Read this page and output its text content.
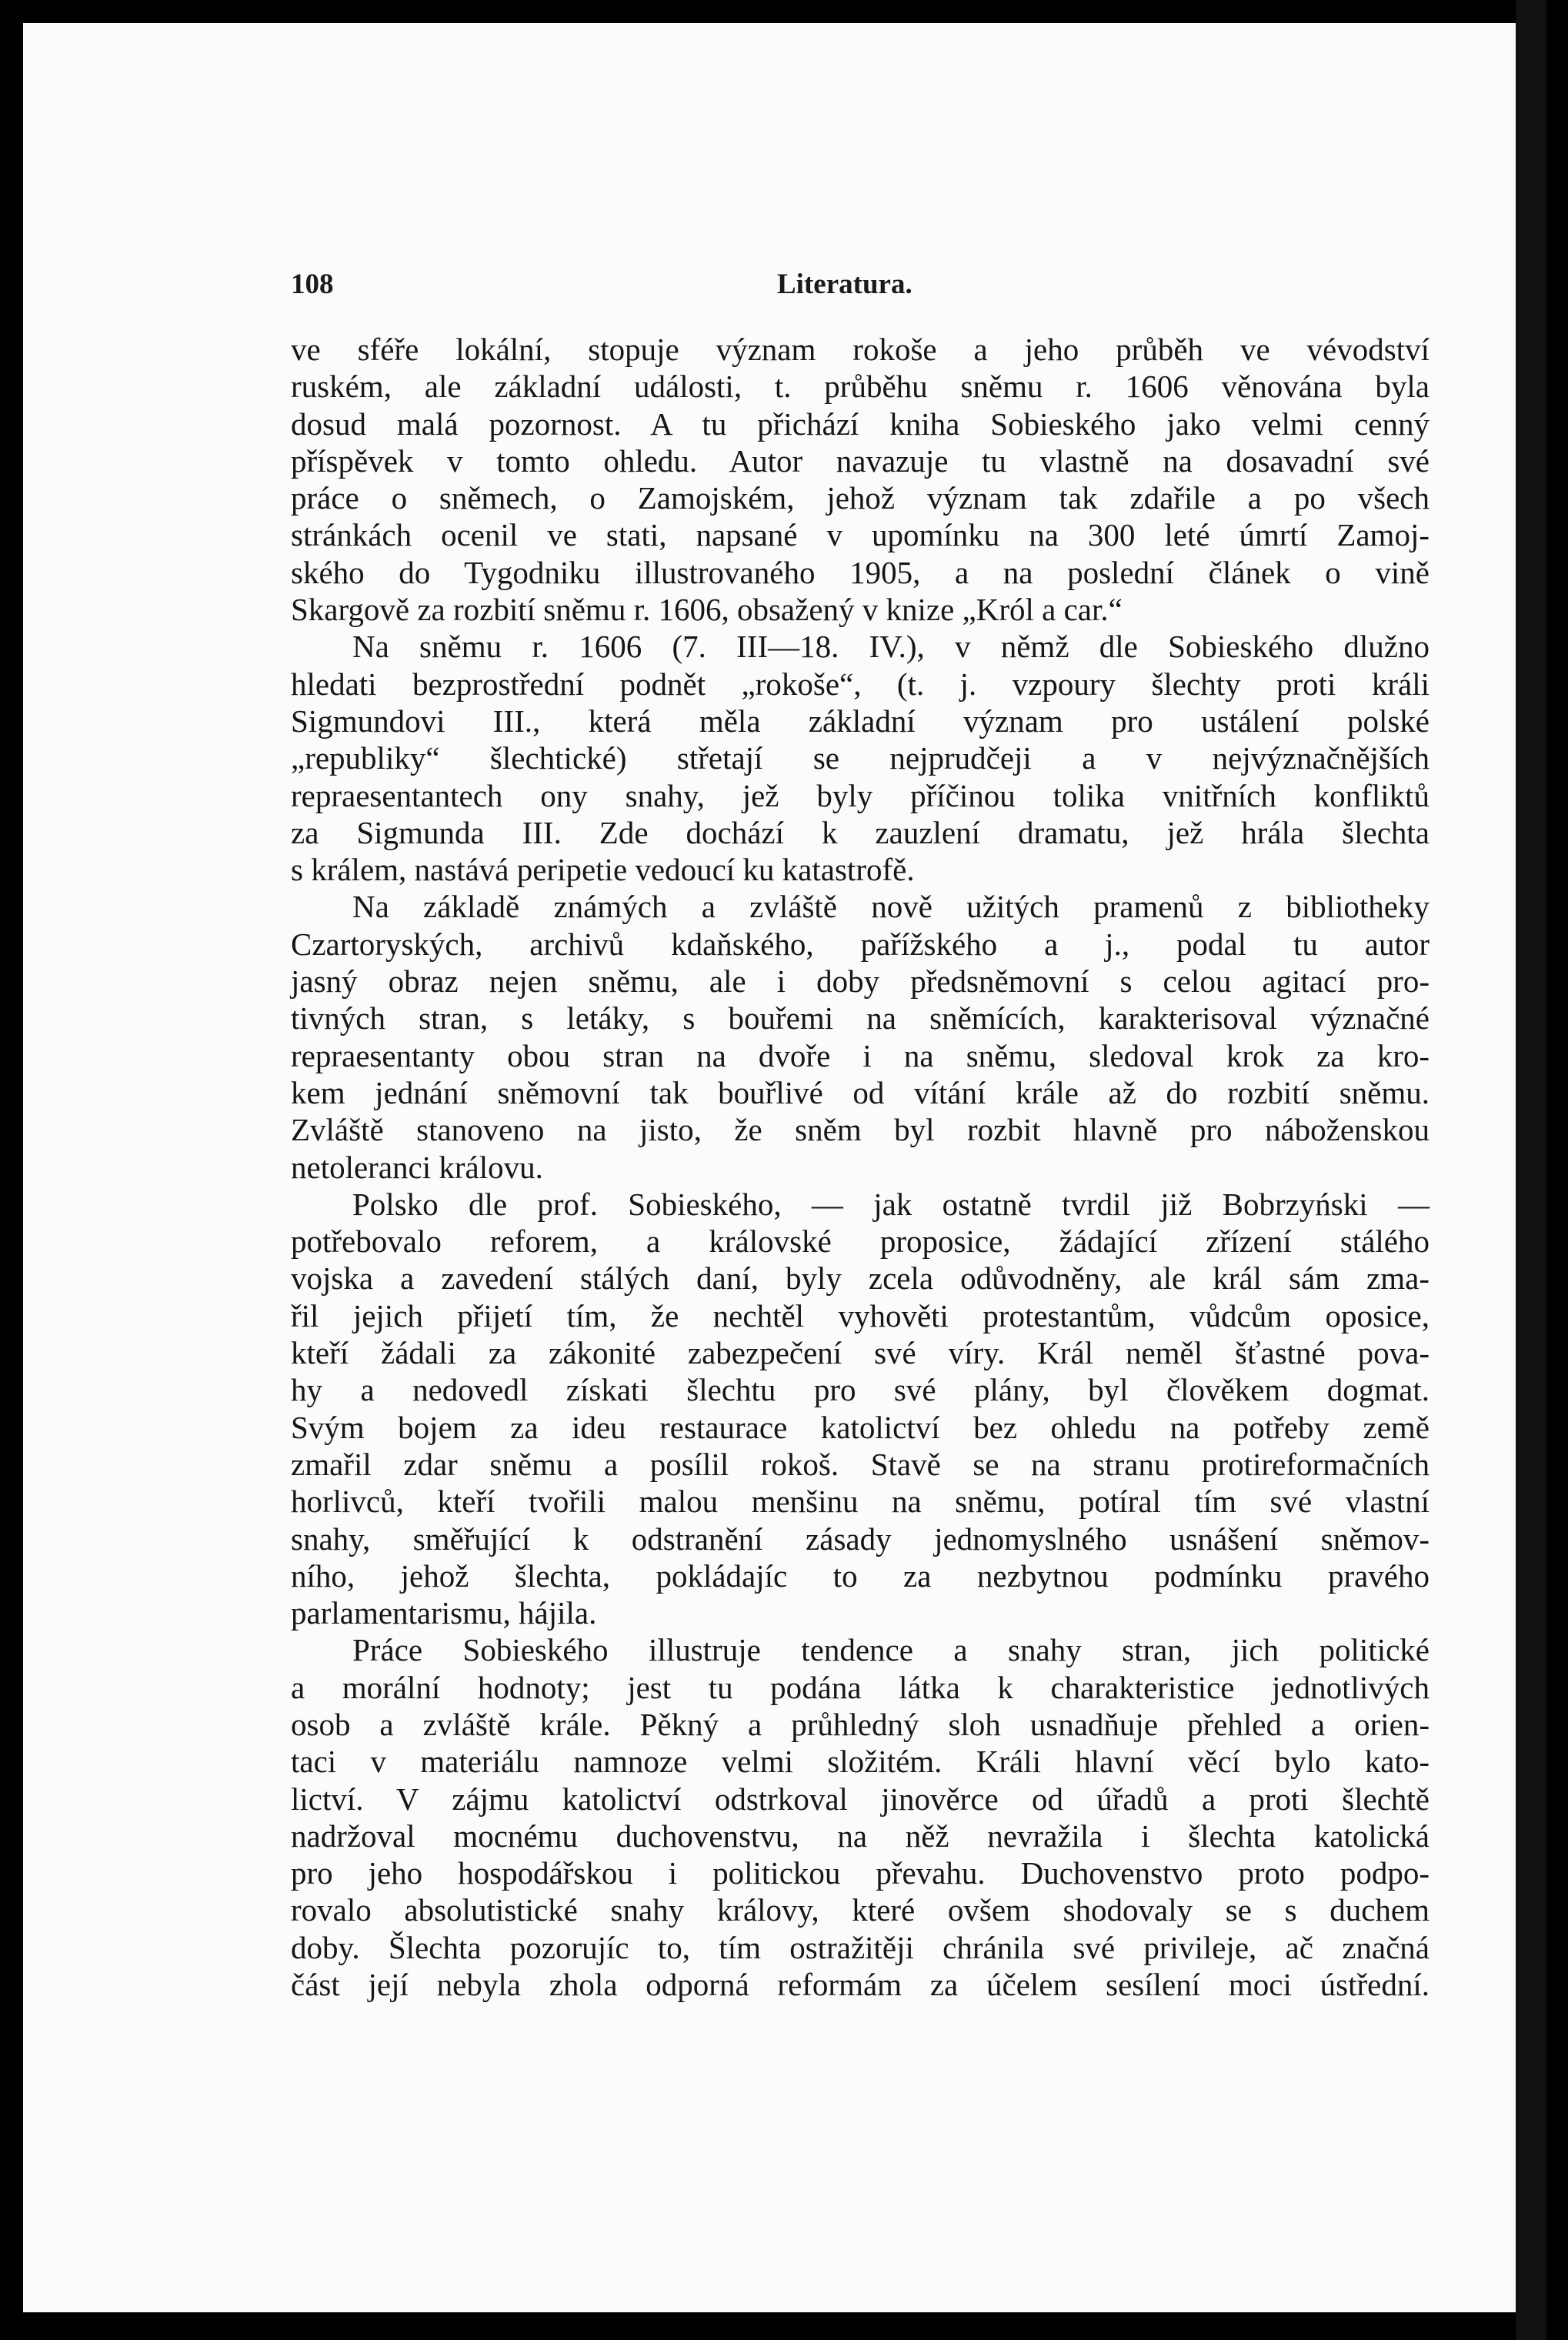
108	Literatura.
ve sféře lokální, stopuje význam rokoše a jeho průběh ve vévodství
ruském, ale základní události, t. průběhu sněmu r. 1606 věnována byla
dosud malá pozornost. A tu přichází kniha Sobieského jako velmi cenný
příspěvek v tomto ohledu. Autor navazuje tu vlastně na dosavadní své
práce o sněmech, o Zamojském, jehož význam tak zdařile a po všech
stránkách ocenil ve stati, napsané v upomínku na 300 leté úmrtí Zamoj-
ského do Tygodniku illustrovaného 1905, a na poslední článek o vině
Skargově za rozbití sněmu r. 1606, obsažený v knize „Król a car.“
Na sněmu r. 1606 (7. III—18. IV.), v němž dle Sobieského dlužno
hledati bezprostřední podnět „rokoše“, (t. j. vzpoury šlechty proti králi
Sigmundovi III., která měla základní význam pro ustálení polské
„republiky“ šlechtické) střetají se nejprudčeji a v nejvýznačnějších
repraesentantech ony snahy, jež byly příčinou tolika vnitřních konfliktů
za Sigmunda III. Zde dochází k zauzlení dramatu, jež hrála šlechta
s králem, nastává peripetie vedoucí ku katastrofě.
Na základě známých a zvláště nově užitých pramenů z bibliotheky
Czartoryských, archivů kdaňského, pařížského a j., podal tu autor
jasný obraz nejen sněmu, ale i doby předsněmovní s celou agitací pro-
tivných stran, s letáky, s bouřemi na sněmících, karakterisoval význačné
repraesentanty obou stran na dvoře i na sněmu, sledoval krok za kro-
kem jednání sněmovní tak bouřlivé od vítání krále až do rozbití sněmu.
Zvláště stanoveno na jisto, že sněm byl rozbit hlavně pro náboženskou
netoleranci královu.
Polsko dle prof. Sobieského, — jak ostatně tvrdil již Bobrzyński —
potřebovalo reforem, a královské proposice, žádající zřízení stálého
vojska a zavedení stálých daní, byly zcela odůvodněny, ale král sám zma-
řil jejich přijetí tím, že nechtěl vyhověti protestantům, vůdcům oposice,
kteří žádali za zákonité zabezpečení své víry. Král neměl šťastné pova-
hy a nedovedl získati šlechtu pro své plány, byl člověkem dogmat.
Svým bojem za ideu restaurace katolictví bez ohledu na potřeby země
zmařil zdar sněmu a posílil rokoš. Stavě se na stranu protireformačních
horlivců, kteří tvořili malou menšinu na sněmu, potíral tím své vlastní
snahy, směřující k odstranění zásady jednomyslného usnášení sněmov-
ního, jehož šlechta, pokládajíc to za nezbytnou podmínku pravého
parlamentarismu, hájila.
Práce Sobieského illustruje tendence a snahy stran, jich politické
a morální hodnoty; jest tu podána látka k charakteristice jednotlivých
osob a zvláště krále. Pěkný a průhledný sloh usnadňuje přehled a orien-
taci v materiálu namnoze velmi složitém. Králi hlavní věcí bylo kato-
lictví. V zájmu katolictví odstrkoval jinověrce od úřadů a proti šlechtě
nadržoval mocnému duchovenstvu, na něž nevražila i šlechta katolická
pro jeho hospodářskou i politickou převahu. Duchovenstvo proto podpo-
rovalo absolutistické snahy královy, které ovšem shodovaly se s duchem
doby. Šlechta pozorujíc to, tím ostražitěji chránila své privileje, ač značná
část její nebyla zhola odporná reformám za účelem sesílení moci ústřední.
